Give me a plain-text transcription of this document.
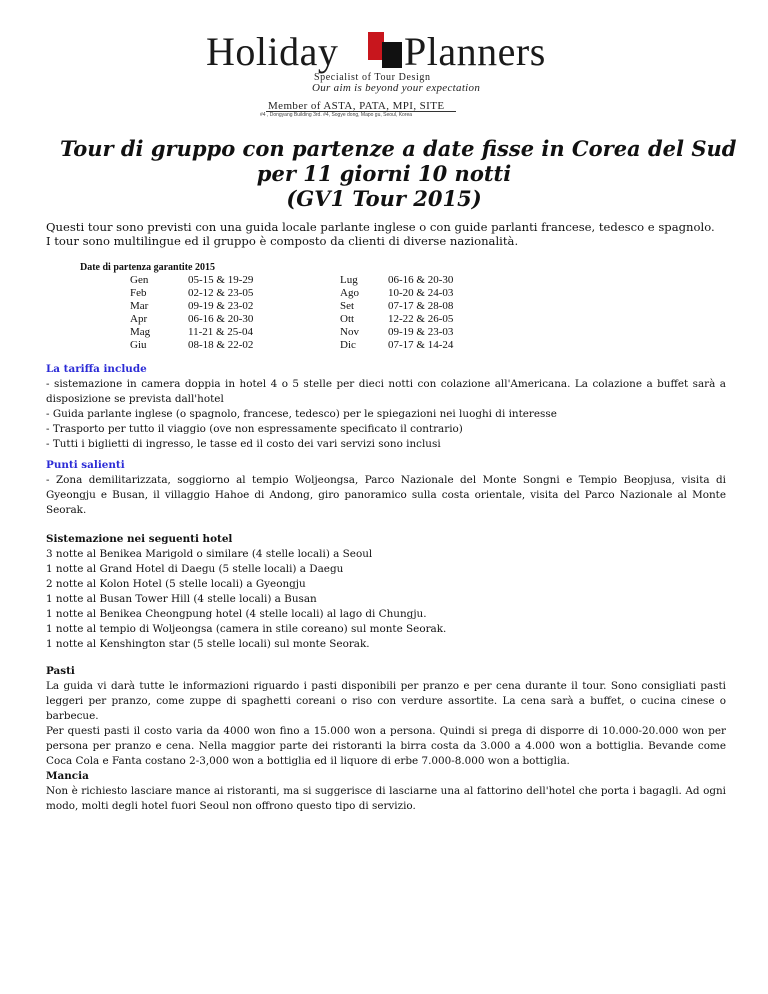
Holiday Planners
Specialist of Tour Design
Our aim is beyond your expectation
Member of ASTA, PATA, MPI, SITE
#4 , Dongyang Building 3rd. #4, Sogye dong, Mapo gu, Seoul, Korea
Tour di gruppo con partenze a date fisse in Corea del Sud
per 11 giorni 10 notti
(GV1 Tour 2015)
Questi tour sono previsti con una guida locale parlante inglese o con guide parlanti francese, tedesco e spagnolo.
I tour sono multilingue ed il gruppo è composto da clienti di diverse nazionalità.
Date di partenza garantite 2015
Gen	05-15 & 19-29
Feb	02-12 & 23-05
Mar	09-19 & 23-02
Apr	06-16 & 20-30
Mag	11-21 & 25-04
Giu	08-18 & 22-02
Lug	06-16 & 20-30
Ago	10-20 & 24-03
Set	07-17 & 28-08
Ott	12-22 & 26-05
Nov	09-19 & 23-03
Dic	07-17 & 14-24

La tariffa include

- sistemazione in camera doppia in hotel 4 o 5 stelle per dieci notti con colazione all'Americana. La colazione a buffet sarà a disposizione se prevista dall'hotel

- Guida parlante inglese (o spagnolo, francese, tedesco) per le spiegazioni nei luoghi di interesse

- Trasporto per tutto il viaggio (ove non espressamente specificato il contrario)

- Tutti i biglietti di ingresso, le tasse ed il costo dei vari servizi sono inclusi

Punti salienti

- Zona demilitarizzata, soggiorno al tempio Woljeongsa, Parco Nazionale del Monte Songni e Tempio Beopjusa, visita di Gyeongju e Busan, il villaggio Hahoe di Andong, giro panoramico sulla costa orientale, visita del Parco Nazionale al Monte Seorak.

Sistemazione nei seguenti hotel

3 notte al Benikea Marigold o similare (4 stelle locali) a Seoul

1 notte al Grand Hotel di Daegu (5 stelle locali) a Daegu

2 notte al Kolon Hotel (5 stelle locali) a Gyeongju

1 notte al Busan Tower Hill (4 stelle locali) a Busan

1 notte al Benikea Cheongpung hotel (4 stelle locali) al lago di Chungju.

1 notte al tempio di Woljeongsa (camera in stile coreano) sul monte Seorak.

1 notte al Kenshington star (5 stelle locali) sul monte Seorak.

Pasti

La guida vi darà tutte le informazioni riguardo i pasti disponibili per pranzo e per cena durante il tour. Sono consigliati pasti leggeri per pranzo, come zuppe di spaghetti coreani o riso con verdure assortite. La cena sarà a buffet, o cucina cinese o barbecue.

Per questi pasti il costo varia da 4000 won fino a 15.000 won a persona. Quindi si prega di disporre di 10.000-20.000 won per persona per pranzo e cena. Nella maggior parte dei ristoranti la birra costa da 3.000 a 4.000 won a bottiglia. Bevande come Coca Cola e Fanta costano 2-3,000 won a bottiglia ed il liquore di erbe 7.000-8.000 won a bottiglia.

Mancia

Non è richiesto lasciare mance ai ristoranti, ma si suggerisce di lasciarne una al fattorino dell'hotel che porta i bagagli. Ad ogni modo, molti degli hotel fuori Seoul non offrono questo tipo di servizio.
